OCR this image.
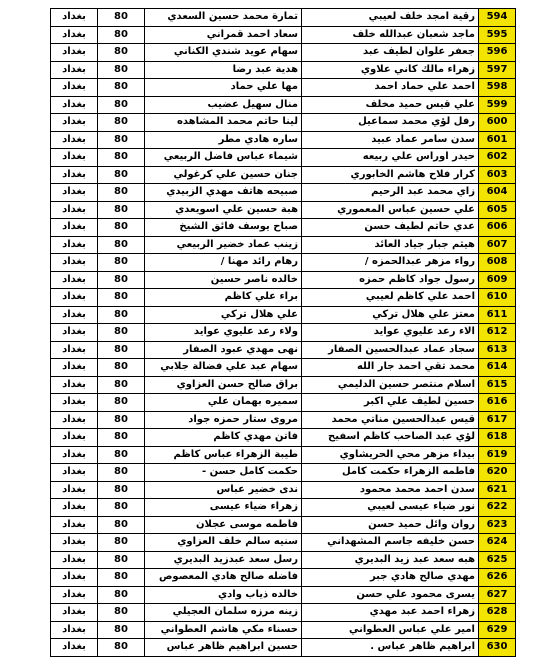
بغداد	80	تمارة محمد حسين السعدي	رقية امجد خلف لعيبي	594
بغداد	80	سعاد احمد قمراني	ماجد شعبان عبدالله خلف	595
بغداد	80	سهام عويد شندي الكناني	جعفر علوان لطيف عبد	596
بغداد	80	هدية عبد رضا	زهراء مالك كاني علاوي	597
بغداد	80	مها علي حماد	احمد علي حماد احمد	598
بغداد	80	منال سهيل عضيب	علي قيس حميد مخلف	599
بغداد	80	لينا حاتم محمد المشاهده	رفل لؤي محمد سماعيل	600
بغداد	80	ساره هادي مطر	سدن سامر عماد عبيد	601
بغداد	80	شيماء عباس فاضل الربيعي	حيدر اوراس علي ربيعه	602
بغداد	80	جنان حسين علي كرغولي	كرار فلاح هاشم الخابوري	603
بغداد	80	صبيحه هاتف مهدي الزبيدي	زاي محمد عبد الرحيم	604
بغداد	80	هبة حسين علي اسويعدي	علي حسين عباس المعموري	605
بغداد	80	صباح يوسف فائق الشيخ	عدي حاتم لطيف حسن	606
بغداد	80	زينب عماد خضير الربيعي	هيثم جبار جياد العائد	607
بغداد	80	رهام رائد مهنا /	رواء مزهر عبدالحمزه /	608
بغداد	80	خالده ناصر حسين	رسول جواد كاظم حمزه	609
بغداد	80	براء علي كاظم	احمد علي كاظم لعيبي	610
بغداد	80	علي هلال تركي	معتز علي هلال تركي	611
بغداد	80	ولاء رعد عليوي عوايد	الاء رعد عليوي عوايد	612
بغداد	80	نهى مهدي عبود الصفار	سجاد عماد عبدالحسين الصفار	613
بغداد	80	سهام عبد علي فضالة جلابي	محمد تقي احمد جار الله	614
بغداد	80	براق صالح حسن العزاوي	اسلام منتصر حسين الدليمي	615
بغداد	80	سميره بهمان علي	حسين لطيف علي اكبر	616
بغداد	80	مروى ستار حمزه جواد	قيس عبدالحسين مناتي محمد	617
بغداد	80	فاتن مهدي كاظم	لؤي عبد الصاحب كاظم اسفيح	618
بغداد	80	طيبة الزهراء عباس كاظم	بيداء مزهر محي الحريشاوي	619
بغداد	80	حكمت كامل حسن -	فاطمه الزهراء حكمت كامل	620
بغداد	80	ندى خضير عباس	سدن احمد محمد محمود	621
بغداد	80	زهراء ضياء عيسى	نور ضياء عيسى لعيبي	622
بغداد	80	فاطمه موسى عجلان	روان وائل حميد حسن	623
بغداد	80	سنيه سالم خلف العزاوي	حسن خليفه جاسم المشهداني	624
بغداد	80	رسل سعد عبدزيد البديري	هبه سعد عبد زيد البديري	625
بغداد	80	فاضله صالح هادي المعصوص	مهدي صالح هادي جبر	626
بغداد	80	خالده ذياب وادي	يسرى محمود علي حسن	627
بغداد	80	زينه مرزه سلمان العجيلي	زهراء احمد عبد مهدي	628
بغداد	80	حسناء مكي هاشم العطواني	امير علي عباس العطواني	629
بغداد	80	حسين ابراهيم ظاهر عباس	ابراهيم ظاهر عباس .	630
